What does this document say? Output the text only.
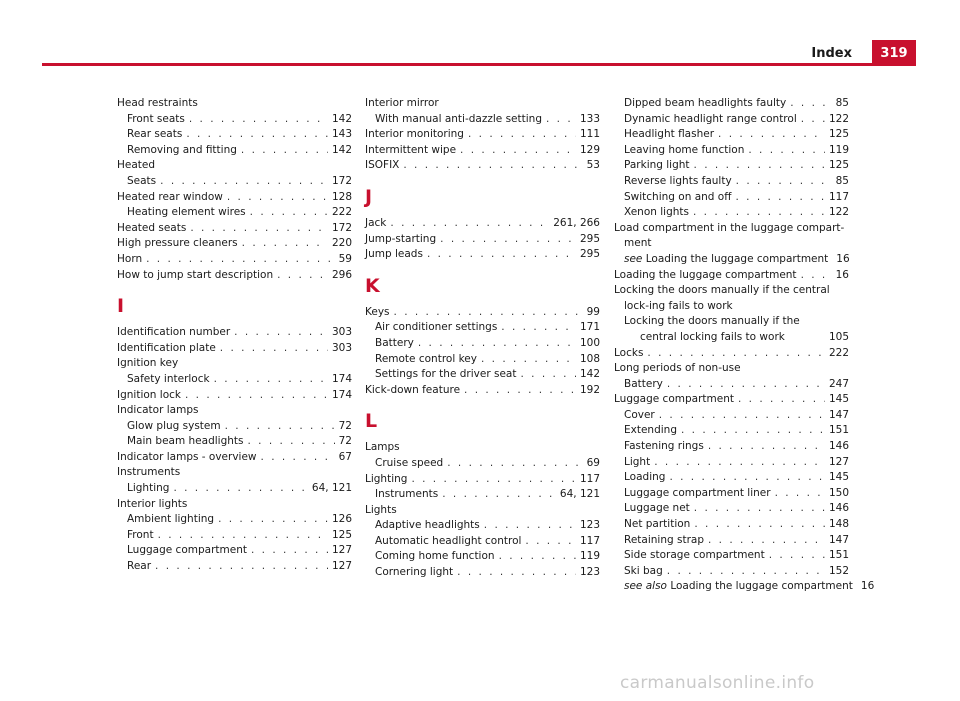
Index	319
Head restraints
Front seats . . .	142
Rear seats . . .	143
Removing and fitting . . .	142
Heated
Seats . . .	172
Heated rear window . . .	128
Heating element wires . . .	222
Heated seats . . .	172
High pressure cleaners . . .	220
Horn . . .	59
How to jump start description . . .	296
I
Identification number . . .	303
Identification plate . . .	303
Ignition key
Safety interlock . . .	174
Ignition lock . . .	174
Indicator lamps
Glow plug system . . .	72
Main beam headlights . . .	72
Indicator lamps - overview . . .	67
Instruments
Lighting . . .	64, 121
Interior lights
Ambient lighting . . .	126
Front . . .	125
Luggage compartment . . .	127
Rear . . .	127
Interior mirror
With manual anti-dazzle setting . . .	133
Interior monitoring . . .	111
Intermittent wipe . . .	129
ISOFIX . . .	53
J
Jack . . .	261, 266
Jump-starting . . .	295
Jump leads . . .	295
K
Keys . . .	99
Air conditioner settings . . .	171
Battery . . .	100
Remote control key . . .	108
Settings for the driver seat . . .	142
Kick-down feature . . .	192
L
Lamps
Cruise speed . . .	69
Lighting . . .	117
Instruments . . .	64, 121
Lights
Adaptive headlights . . .	123
Automatic headlight control . . .	117
Coming home function . . .	119
Cornering light . . .	123
Dipped beam headlights faulty . . .	85
Dynamic headlight range control . . .	122
Headlight flasher . . .	125
Leaving home function . . .	119
Parking light . . .	125
Reverse lights faulty . . .	85
Switching on and off . . .	117
Xenon lights . . .	122
Load compartment in the luggage compart-ment
see Loading the luggage compartment 16
Loading the luggage compartment . . .	16
Locking the doors manually if the central lock-ing fails to work
Locking the doors manually if the central locking fails to work	105
Locks . . .	222
Long periods of non-use
Battery . . .	247
Luggage compartment . . .	145
Cover . . .	147
Extending . . .	151
Fastening rings . . .	146
Light . . .	127
Loading . . .	145
Luggage compartment liner . . .	150
Luggage net . . .	146
Net partition . . .	148
Retaining strap . . .	147
Side storage compartment . . .	151
Ski bag . . .	152
see also Loading the luggage compartment 16
carmanualsonline.info
